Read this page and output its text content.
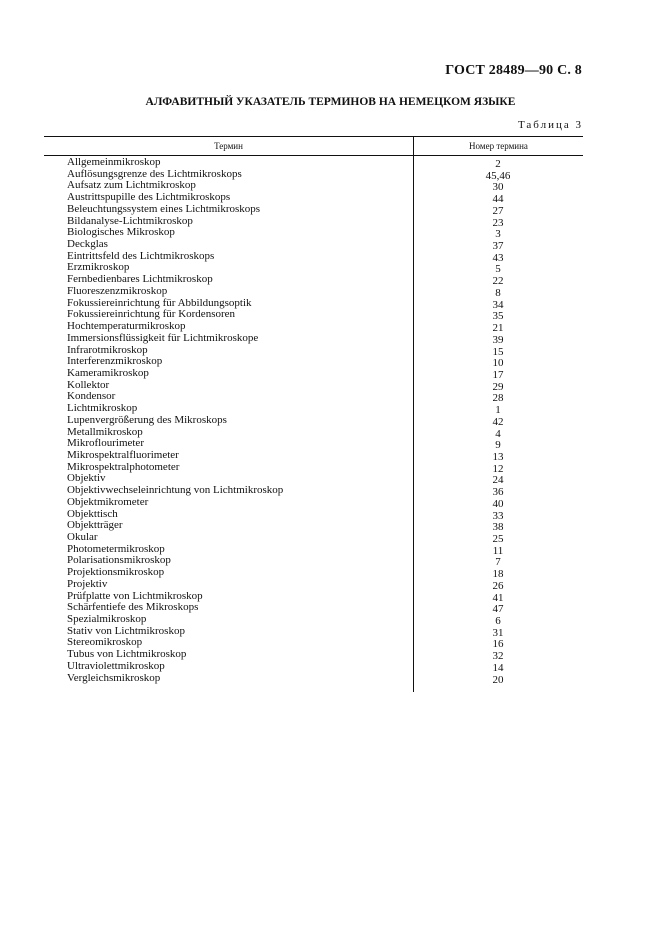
ГОСТ 28489—90 С. 8
АЛФАВИТНЫЙ УКАЗАТЕЛЬ ТЕРМИНОВ НА НЕМЕЦКОМ ЯЗЫКЕ
Таблица 3
Термин	Номер термина
Allgemeinmikroskop	2
Auflösungsgrenze des Lichtmikroskops	45,46
Aufsatz zum Lichtmikroskop	30
Austrittspupille des Lichtmikroskops	44
Beleuchtungssystem eines Lichtmikroskops	27
Bildanalyse-Lichtmikroskop	23
Biologisches Mikroskop	3
Deckglas	37
Eintrittsfeld des Lichtmikroskops	43
Erzmikroskop	5
Fernbedienbares Lichtmikroskop	22
Fluoreszenzmikroskop	8
Fokussiereinrichtung für Abbildungsoptik	34
Fokussiereinrichtung für Kordensoren	35
Hochtemperaturmikroskop	21
Immersionsflüssigkeit für Lichtmikroskope	39
Infrarotmikroskop	15
Interferenzmikroskop	10
Kameramikroskop	17
Kollektor	29
Kondensor	28
Lichtmikroskop	1
Lupenvergrößerung des Mikroskops	42
Metallmikroskop	4
Mikroflourimeter	9
Mikrospektralfluorimeter	13
Mikrospektralphotometer	12
Objektiv	24
Objektivwechseleinrichtung von Lichtmikroskop	36
Objektmikrometer	40
Objekttisch	33
Objektträger	38
Okular	25
Photometermikroskop	11
Polarisationsmikroskop	7
Projektionsmikroskop	18
Projektiv	26
Prüfplatte von Lichtmikroskop	41
Schärfentiefe des Mikroskops	47
Spezialmikroskop	6
Stativ von Lichtmikroskop	31
Stereomikroskop	16
Tubus von Lichtmikroskop	32
Ultraviolettmikroskop	14
Vergleichsmikroskop	20
